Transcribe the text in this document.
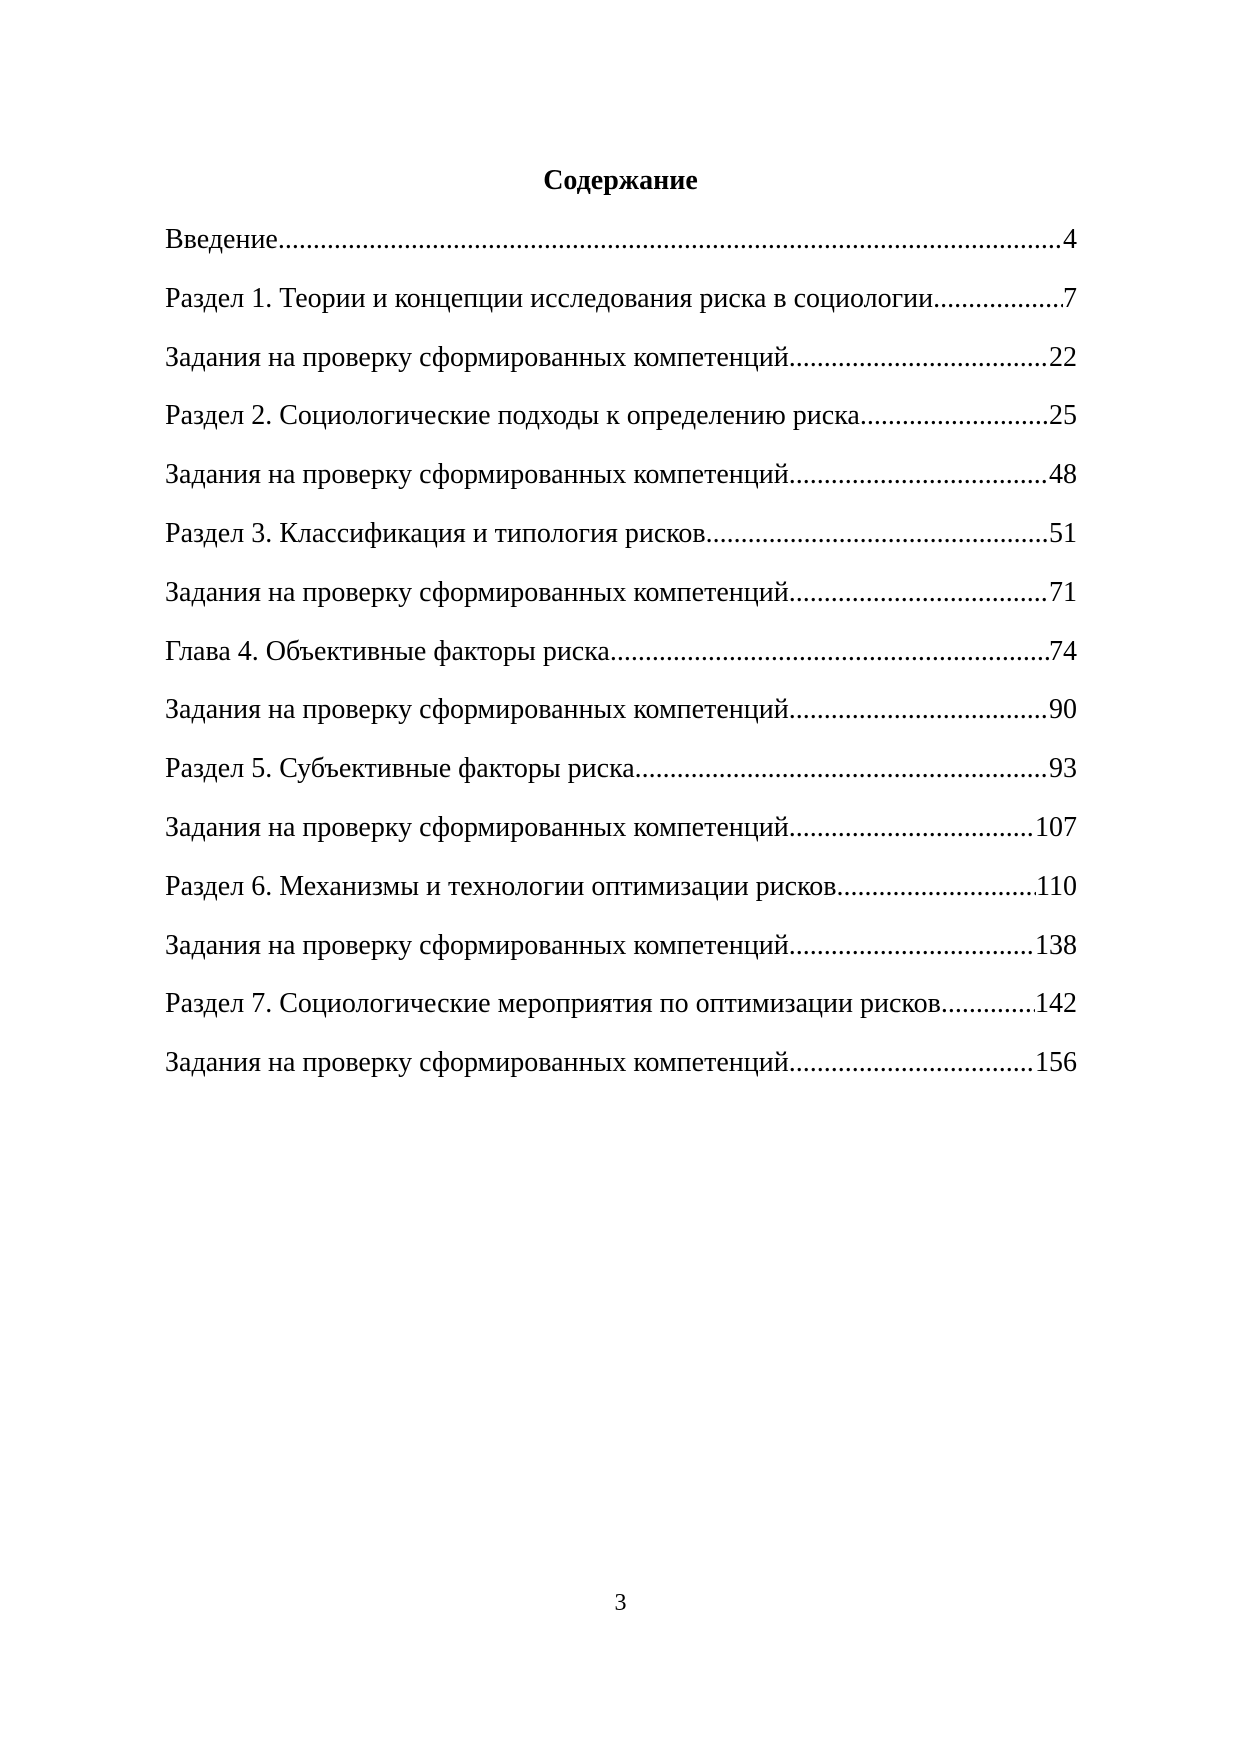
Содержание
Введение .....	4
Раздел 1. Теории и концепции исследования риска в социологии .....	7
Задания на проверку сформированных компетенций .....	22
Раздел 2. Социологические подходы к определению риска .....	25
Задания на проверку сформированных компетенций .....	48
Раздел 3. Классификация и типология рисков .....	51
Задания на проверку сформированных компетенций .....	71
Глава 4. Объективные факторы риска .....	74
Задания на проверку сформированных компетенций .....	90
Раздел 5. Субъективные факторы риска .....	93
Задания на проверку сформированных компетенций .....	107
Раздел 6. Механизмы и технологии оптимизации рисков .....	110
Задания на проверку сформированных компетенций .....	138
Раздел 7. Социологические мероприятия по оптимизации рисков .....	142
Задания на проверку сформированных компетенций .....	156
3
